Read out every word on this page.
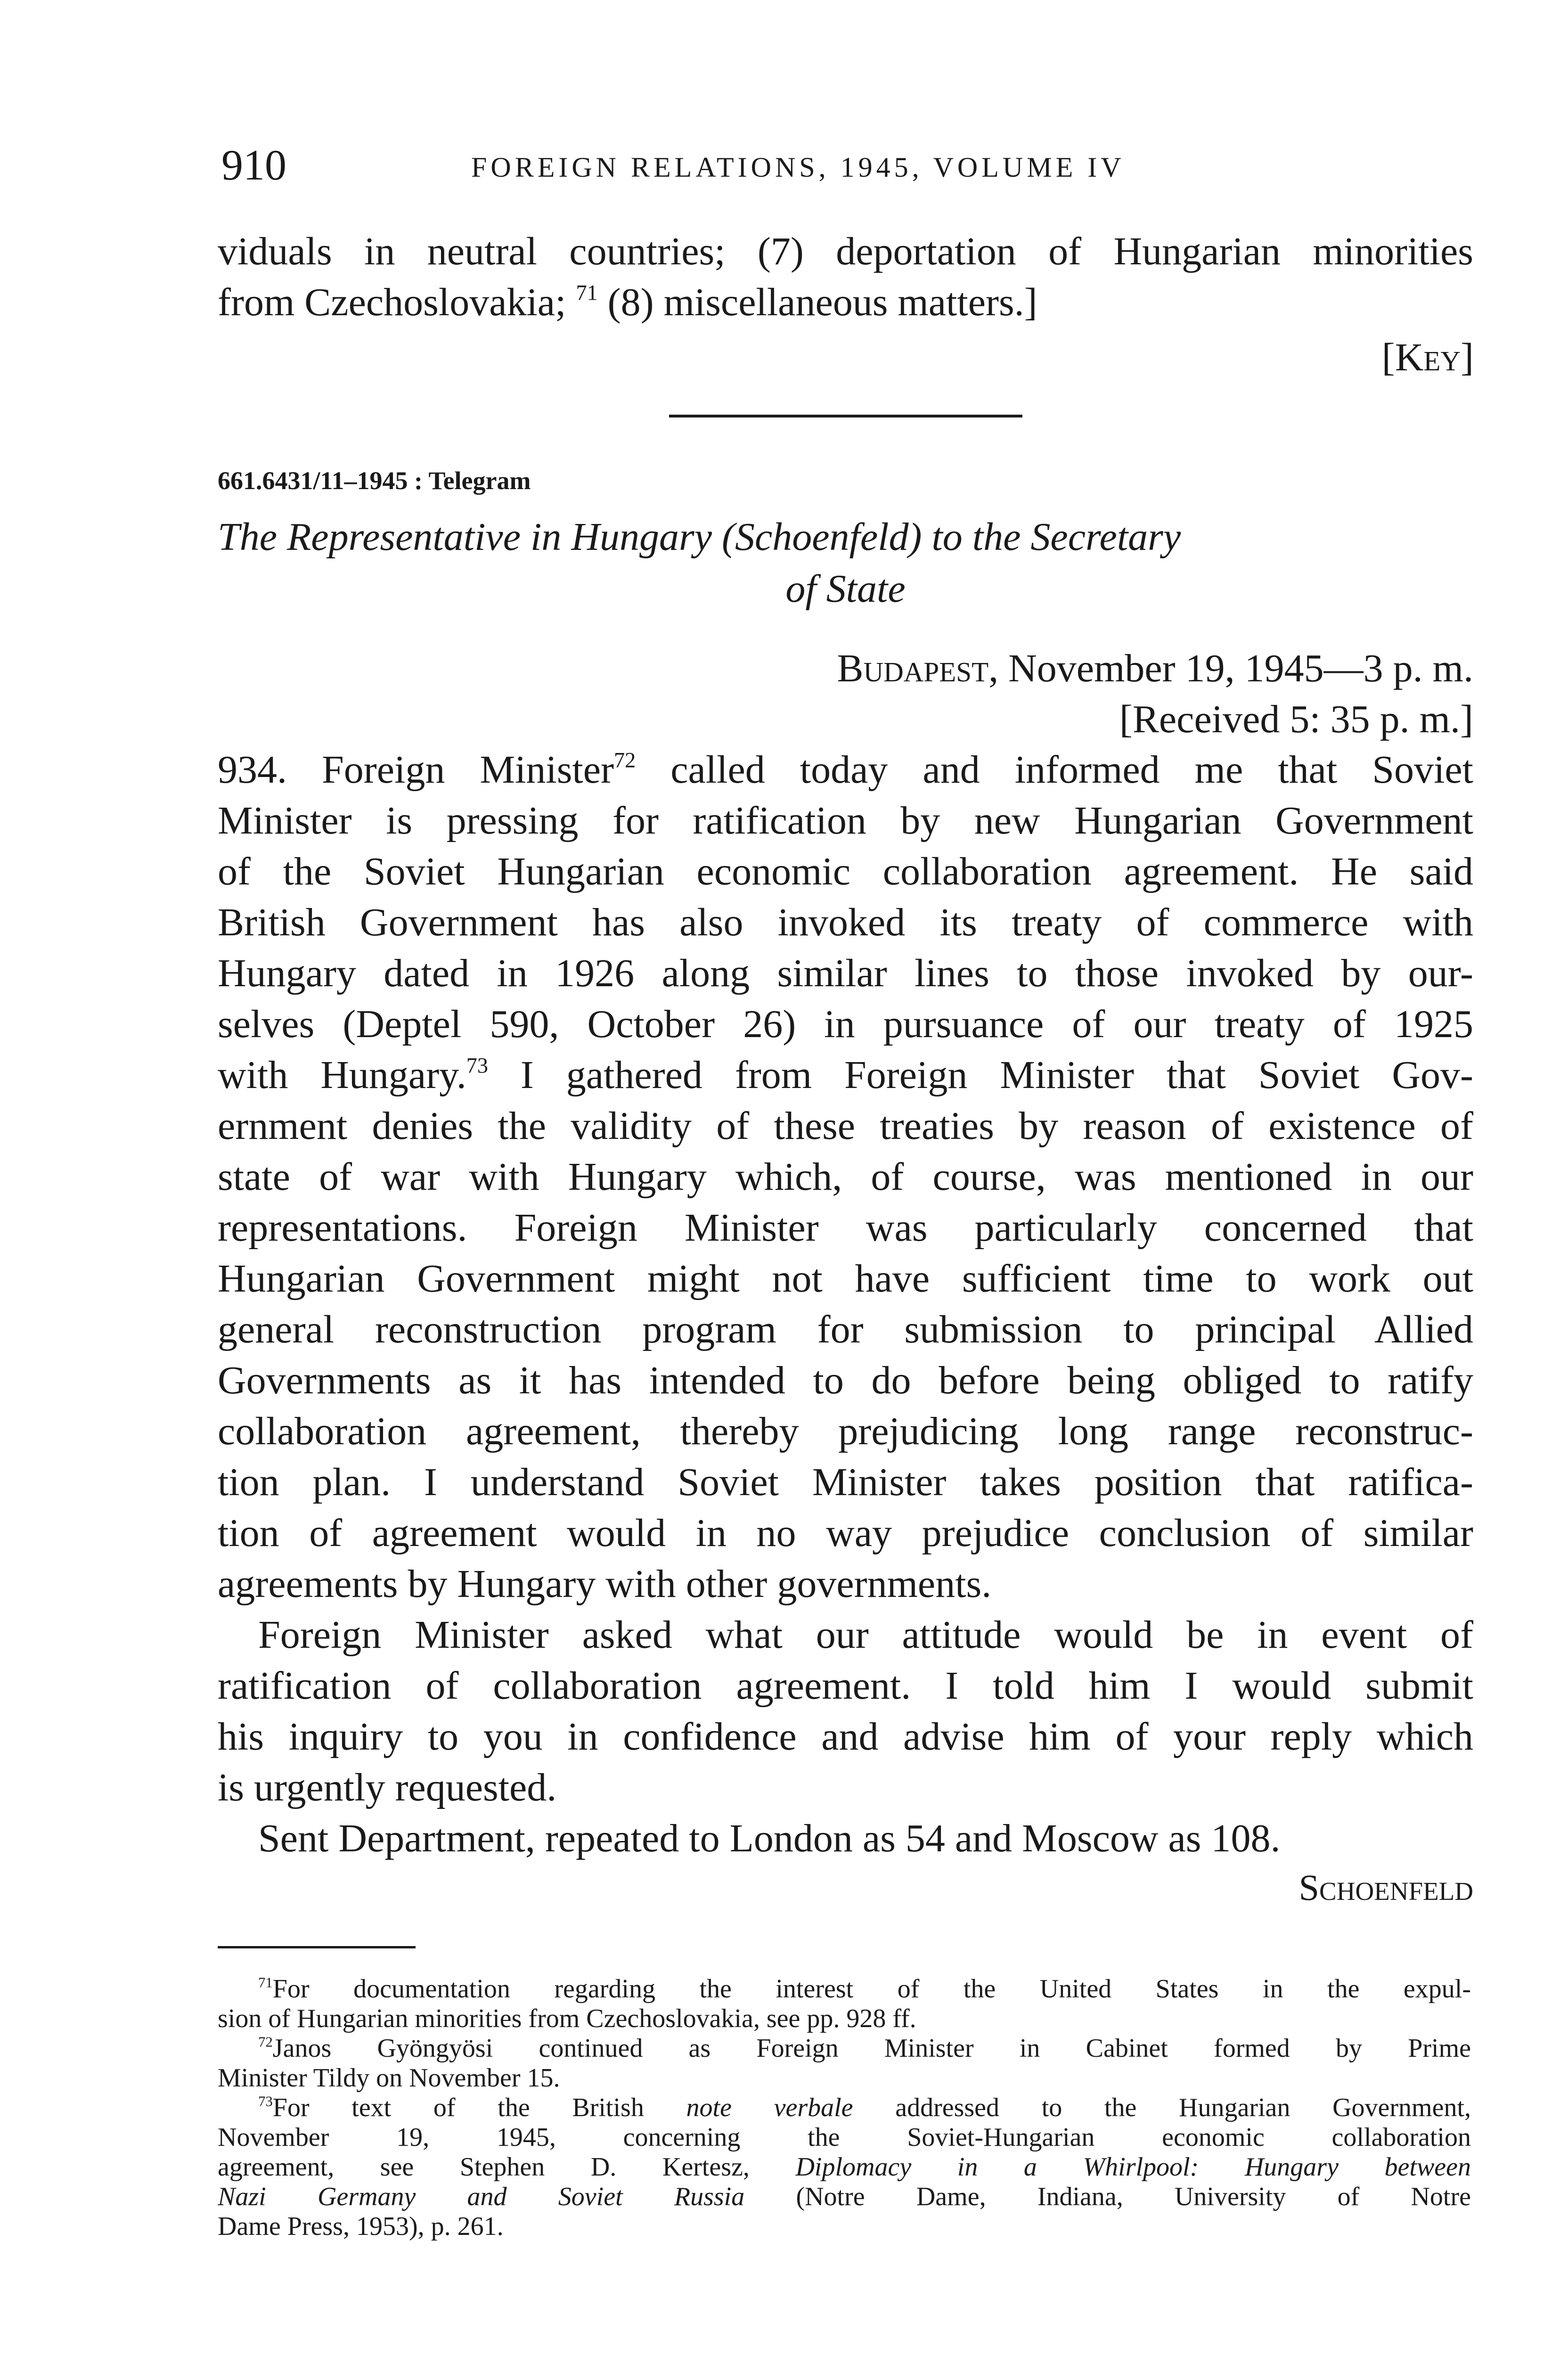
910	FOREIGN RELATIONS, 1945, VOLUME IV
viduals in neutral countries; (7) deportation of Hungarian minorities
from Czechoslovakia; $^{71}$ (8) miscellaneous matters.]
[Key]
661.6431/11–1945 : Telegram
The Representative in Hungary (Schoenfeld) to the Secretary
of State
Budapest, November 19, 1945—3 p. m.
[Received 5: 35 p. m.]
934. Foreign Minister$^{72}$ called today and informed me that Soviet
Minister is pressing for ratification by new Hungarian Government
of the Soviet Hungarian economic collaboration agreement. He said
British Government has also invoked its treaty of commerce with
Hungary dated in 1926 along similar lines to those invoked by our-
selves (Deptel 590, October 26) in pursuance of our treaty of 1925
with Hungary.$^{73}$ I gathered from Foreign Minister that Soviet Gov-
ernment denies the validity of these treaties by reason of existence of
state of war with Hungary which, of course, was mentioned in our
representations. Foreign Minister was particularly concerned that
Hungarian Government might not have sufficient time to work out
general reconstruction program for submission to principal Allied
Governments as it has intended to do before being obliged to ratify
collaboration agreement, thereby prejudicing long range reconstruc-
tion plan. I understand Soviet Minister takes position that ratifica-
tion of agreement would in no way prejudice conclusion of similar
agreements by Hungary with other governments.
Foreign Minister asked what our attitude would be in event of
ratification of collaboration agreement. I told him I would submit
his inquiry to you in confidence and advise him of your reply which
is urgently requested.
Sent Department, repeated to London as 54 and Moscow as 108.
Schoenfeld
$^{71}$For documentation regarding the interest of the United States in the expul-
sion of Hungarian minorities from Czechoslovakia, see pp. 928 ff.
$^{72}$Janos Gyöngyösi continued as Foreign Minister in Cabinet formed by Prime
Minister Tildy on November 15.
$^{73}$For text of the British note verbale addressed to the Hungarian Government,
November 19, 1945, concerning the Soviet-Hungarian economic collaboration
agreement, see Stephen D. Kertesz, Diplomacy in a Whirlpool: Hungary between
Nazi Germany and Soviet Russia (Notre Dame, Indiana, University of Notre
Dame Press, 1953), p. 261.
